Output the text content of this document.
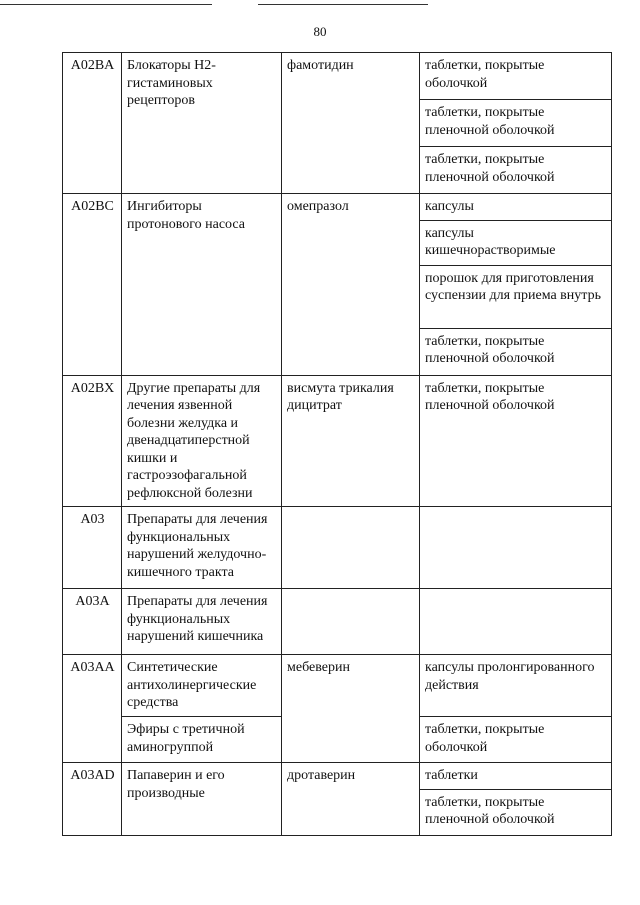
80
A02BA	Блокаторы Н2-гистаминовых рецепторов	фамотидин	таблетки, покрытые оболочкой
			таблетки, покрытые пленочной оболочкой
			таблетки, покрытые пленочной оболочкой
A02BC	Ингибиторы протонового насоса	омепразол	капсулы
			капсулы кишечнорастворимые
			порошок для приготовления суспензии для приема внутрь
			таблетки, покрытые пленочной оболочкой
A02BX	Другие препараты для лечения язвенной болезни желудка и двенадцатиперстной кишки и гастроэзофагальной рефлюксной болезни	висмута трикалия дицитрат	таблетки, покрытые пленочной оболочкой
A03	Препараты для лечения функциональных нарушений желудочно-кишечного тракта		
A03A	Препараты для лечения функциональных нарушений кишечника		
A03AA	Синтетические антихолинергические средства	мебеверин	капсулы пролонгированного действия
	Эфиры с третичной аминогруппой		таблетки, покрытые оболочкой
A03AD	Папаверин и его производные	дротаверин	таблетки
			таблетки, покрытые пленочной оболочкой
